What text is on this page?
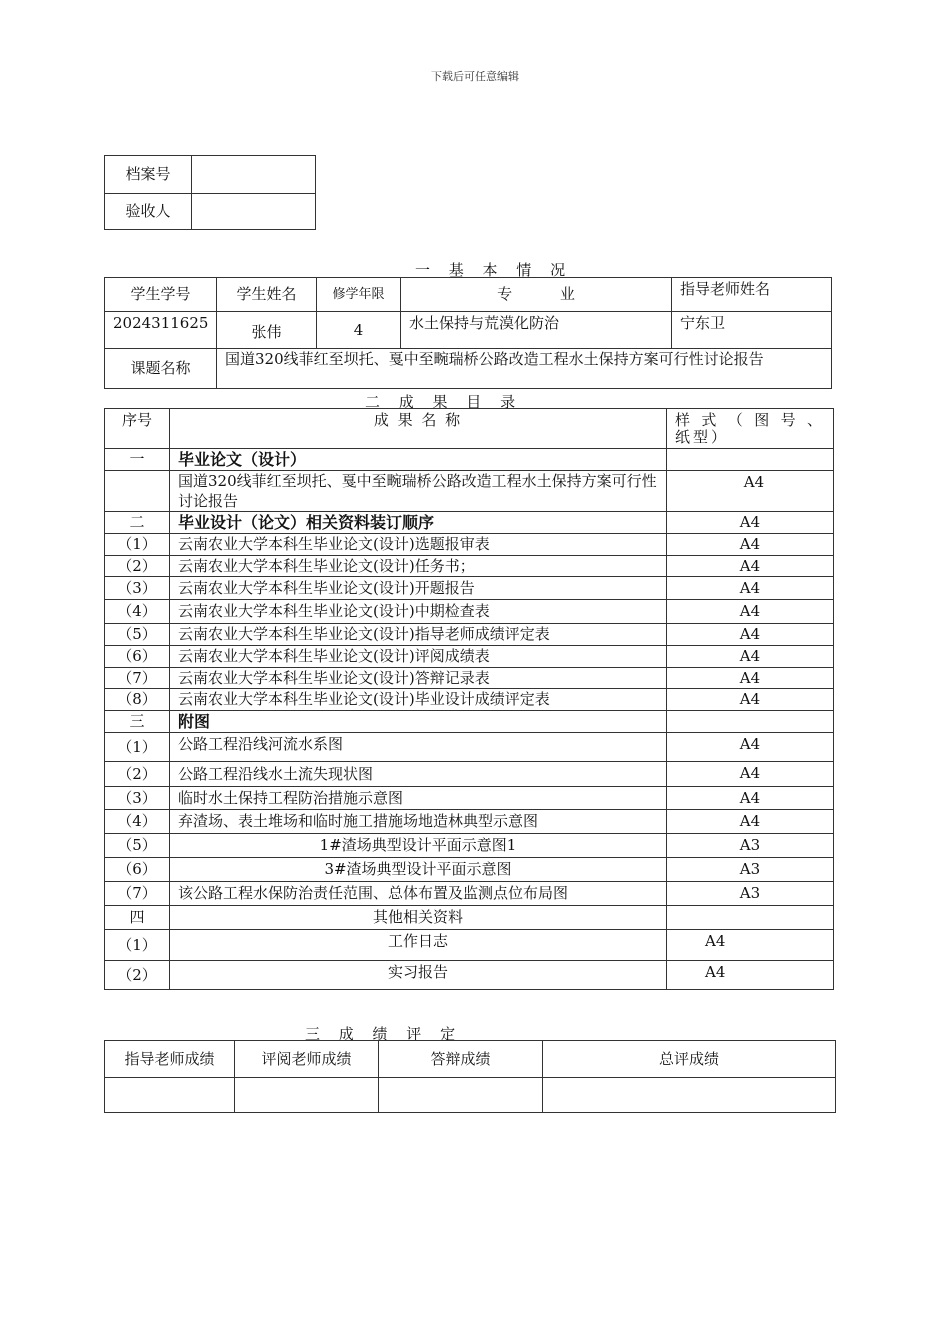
下载后可任意编辑
档案号	
验收人	
一 基 本 情 况
学生学号	学生姓名	修学年限	专          业	指导老师姓名
2024311625	张伟	4	水土保持与荒漠化防治	宁东卫
课题名称	国道320线菲红至坝托、戛中至畹瑞桥公路改造工程水土保持方案可行性讨论报告			
二 成 果 目 录
序号	成 果 名 称	样 式 （ 图 号 、 纸型）
一	毕业论文（设计）	
	国道320线菲红至坝托、戛中至畹瑞桥公路改造工程水土保持方案可行性讨论报告	A4
二	毕业设计（论文）相关资料装订顺序	A4
（1）	云南农业大学本科生毕业论文(设计)选题报审表	A4
（2）	云南农业大学本科生毕业论文(设计)任务书；	A4
（3）	云南农业大学本科生毕业论文(设计)开题报告	A4
（4）	云南农业大学本科生毕业论文(设计)中期检查表	A4
（5）	云南农业大学本科生毕业论文(设计)指导老师成绩评定表	A4
（6）	云南农业大学本科生毕业论文(设计)评阅成绩表	A4
（7）	云南农业大学本科生毕业论文(设计)答辩记录表	A4
（8）	云南农业大学本科生毕业论文(设计)毕业设计成绩评定表	A4
三	附图	
（1）	公路工程沿线河流水系图	A4
（2）	公路工程沿线水土流失现状图	A4
（3）	临时水土保持工程防治措施示意图	A4
（4）	弃渣场、表土堆场和临时施工措施场地造林典型示意图	A4
（5）	1#渣场典型设计平面示意图1	A3
（6）	3#渣场典型设计平面示意图	A3
（7）	该公路工程水保防治责任范围、总体布置及监测点位布局图	A3
四	其他相关资料	
（1）	工作日志	A4
（2）	实习报告	A4
三 成 绩 评 定
指导老师成绩	评阅老师成绩	答辩成绩	总评成绩
